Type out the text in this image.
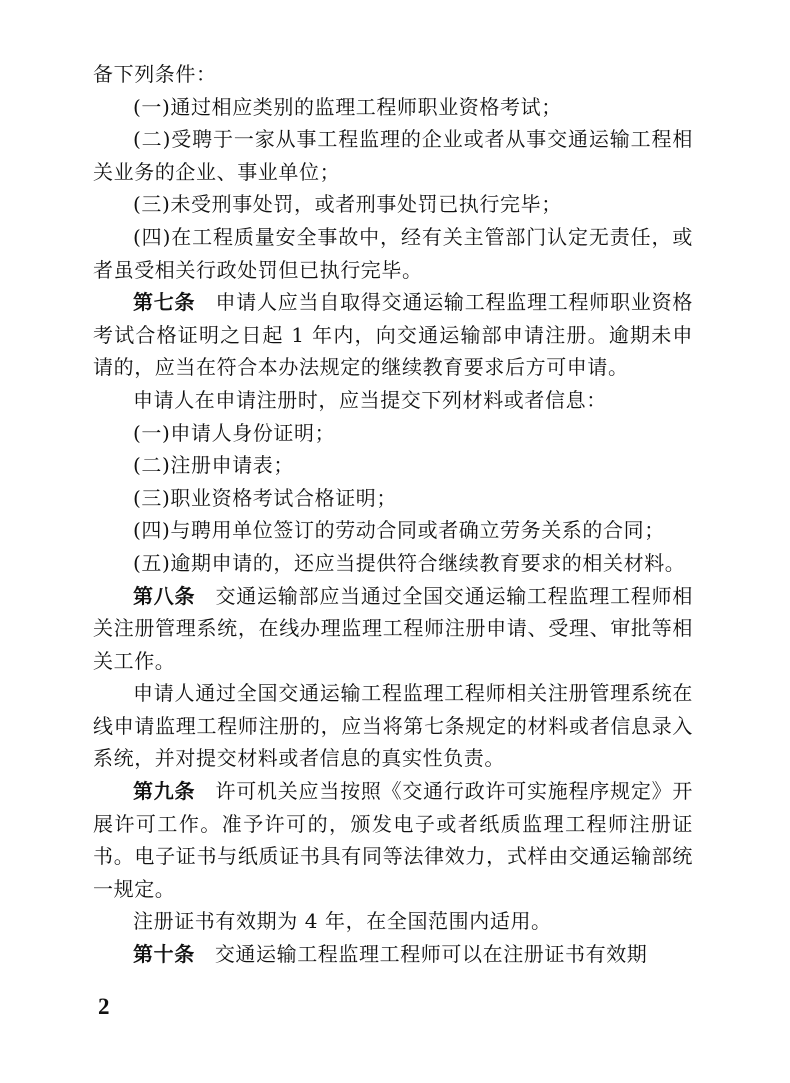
备下列条件：

(一)通过相应类别的监理工程师职业资格考试；

(二)受聘于一家从事工程监理的企业或者从事交通运输工程相关业务的企业、事业单位；

(三)未受刑事处罚，或者刑事处罚已执行完毕；

(四)在工程质量安全事故中，经有关主管部门认定无责任，或者虽受相关行政处罚但已执行完毕。

第七条 申请人应当自取得交通运输工程监理工程师职业资格考试合格证明之日起 1 年内，向交通运输部申请注册。逾期未申请的，应当在符合本办法规定的继续教育要求后方可申请。

申请人在申请注册时，应当提交下列材料或者信息：

(一)申请人身份证明；

(二)注册申请表；

(三)职业资格考试合格证明；

(四)与聘用单位签订的劳动合同或者确立劳务关系的合同；

(五)逾期申请的，还应当提供符合继续教育要求的相关材料。

第八条 交通运输部应当通过全国交通运输工程监理工程师相关注册管理系统，在线办理监理工程师注册申请、受理、审批等相关工作。

申请人通过全国交通运输工程监理工程师相关注册管理系统在线申请监理工程师注册的，应当将第七条规定的材料或者信息录入系统，并对提交材料或者信息的真实性负责。

第九条 许可机关应当按照《交通行政许可实施程序规定》开展许可工作。准予许可的，颁发电子或者纸质监理工程师注册证书。电子证书与纸质证书具有同等法律效力，式样由交通运输部统一规定。

注册证书有效期为 4 年，在全国范围内适用。

第十条 交通运输工程监理工程师可以在注册证书有效期

2
